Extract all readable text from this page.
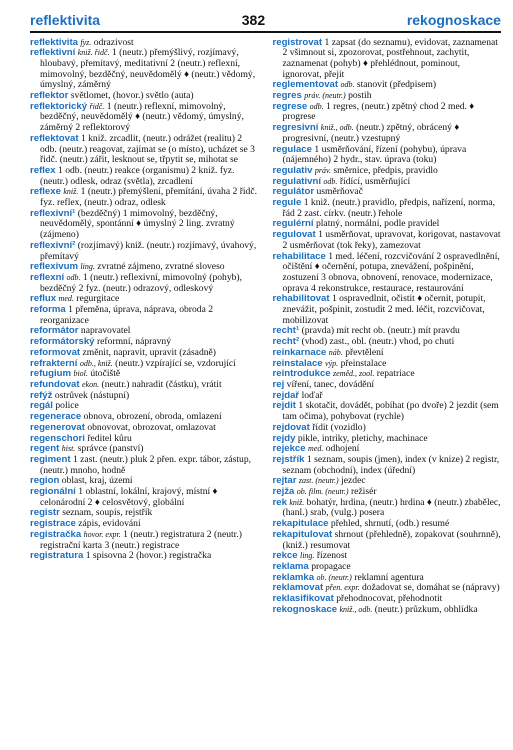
reflektivita	382	rekognoskace

reflektivita fyz. odrazivost

reflektivní kniž. řidč. 1 (neutr.) přemýšlivý, rozjímavý, hloubavý, přemítavý, meditativní 2 (neutr.) reflexní, mimovolný, bezděčný, neuvědomělý ♦ (neutr.) vědomý, úmyslný, záměrný

reflektor světlomet, (hovor.) světlo (auta)

reflektorický řidč. 1 (neutr.) reflexní, mimovolný, bezděčný, neuvědomělý ♦ (neutr.) vědomý, úmyslný, záměrný 2 reflektorový

reflektovat 1 kniž. zrcadlit, (neutr.) odrážet (realitu) 2 odb. (neutr.) reagovat, zajímat se (o místo), ucházet se 3 řidč. (neutr.) zářit, lesknout se, třpytit se, mihotat se

reflex 1 odb. (neutr.) reakce (organismu) 2 kniž. fyz. (neutr.) odlesk, odraz (světla), zrcadlení

reflexe kniž. 1 (neutr.) přemýšlení, přemítání, úvaha 2 řidč. fyz. reflex, (neutr.) odraz, odlesk

reflexivní¹ (bezděčný) 1 mimovolný, bezděčný, neuvědomělý, spontánní ♦ úmyslný 2 ling. zvratný (zájmeno)

reflexivní² (rozjímavý) kniž. (neutr.) rozjímavý, úvahový, přemítavý

reflexivum ling. zvratné zájmeno, zvratné sloveso

reflexní odb. 1 (neutr.) reflexivní, mimovolný (pohyb), bezděčný 2 fyz. (neutr.) odrazový, odleskový

reflux med. regurgitace

reforma 1 přeměna, úprava, náprava, obroda 2 reorganizace

reformátor napravovatel

reformátorský reformní, nápravný

reformovat změnit, napravit, upravit (zásadně)

refrakterní odb., kniž. (neutr.) vzpírající se, vzdorující

refugium biol. útočiště

refundovat ekon. (neutr.) nahradit (částku), vrátit

refýž ostrůvek (nástupní)

regál police

regenerace obnova, obrození, obroda, omlazení

regenerovat obnovovat, obrozovat, omlazovat

regenschori ředitel kůru

regent hist. správce (panství)

regiment 1 zast. (neutr.) pluk 2 přen. expr. tábor, zástup, (neutr.) mnoho, hodně

region oblast, kraj, území

regionální 1 oblastní, lokální, krajový, místní ♦ celonárodní 2 ♦ celosvětový, globální

registr seznam, soupis, rejstřík

registrace zápis, evidování

registračka hovor. expr. 1 (neutr.) registratura 2 (neutr.) registrační karta 3 (neutr.) registrace

registratura 1 spisovna 2 (hovor.) registračka

registrovat 1 zapsat (do seznamu), evidovat, zaznamenat 2 všimnout si, zpozorovat, postřehnout, zachytit, zaznamenat (pohyb) ♦ přehlédnout, pominout, ignorovat, přejít

reglementovat odb. stanovit (předpisem)

regres práv. (neutr.) postih

regrese odb. 1 regres, (neutr.) zpětný chod 2 med. ♦ progrese

regresivní kniž., odb. (neutr.) zpětný, obrácený ♦ progresivní, (neutr.) vzestupný

regulace 1 usměrňování, řízení (pohybu), úprava (nájemného) 2 hydr., stav. úprava (toku)

regulativ práv. směrnice, předpis, pravidlo

regulativní odb. řídící, usměrňující

regulátor usměrňovač

regule 1 kniž. (neutr.) pravidlo, předpis, nařízení, norma, řád 2 zast. církv. (neutr.) řehole

regulérní platný, normální, podle pravidel

regulovat 1 usměrňovat, upravovat, korigovat, nastavovat 2 usměrňovat (tok řeky), zamezovat

rehabilitace 1 med. léčení, rozcvičování 2 ospravedlnění, očištění ♦ očernění, potupa, znevážení, pošpinění, zostuzení 3 obnova, obnovení, renovace, modernizace, oprava 4 rekonstrukce, restaurace, restaurování

rehabilitovat 1 ospravedlnit, očistit ♦ očernit, potupit, znevážit, pošpinit, zostudit 2 med. léčit, rozcvičovat, mobilizovat

recht¹ (pravda) mít recht ob. (neutr.) mít pravdu

recht² (vhod) zast., obl. (neutr.) vhod, po chuti

reinkarnace náb. převtělení

reinstalace výp. přeinstalace

reintrodukce zeměd., zool. repatriace

rej víření, tanec, dovádění

rejdař loďař

rejdit 1 skotačit, dovádět, pobíhat (po dvoře) 2 jezdit (sem tam očima), pohybovat (rychle)

rejdovat řídit (vozidlo)

rejdy pikle, intriky, pletichy, machinace

rejekce med. odhojení

rejstřík 1 seznam, soupis (jmen), index (v knize) 2 registr, seznam (obchodní), index (úřední)

rejtar zast. (neutr.) jezdec

rejža ob. film. (neutr.) režisér

rek kniž. bohatýr, hrdina, (neutr.) hrdina ♦ (neutr.) zbabělec, (hanl.) srab, (vulg.) posera

rekapitulace přehled, shrnutí, (odb.) resumé

rekapitulovat shrnout (přehledně), zopakovat (souhrnně), (kniž.) resumovat

rekce ling. řízenost

reklama propagace

reklamka ob. (neutr.) reklamní agentura

reklamovat přen. expr. dožadovat se, domáhat se (nápravy)

reklasifikovat přehodnocovat, přehodnotit

rekognoskace kniž., odb. (neutr.) průzkum, obhlídka
